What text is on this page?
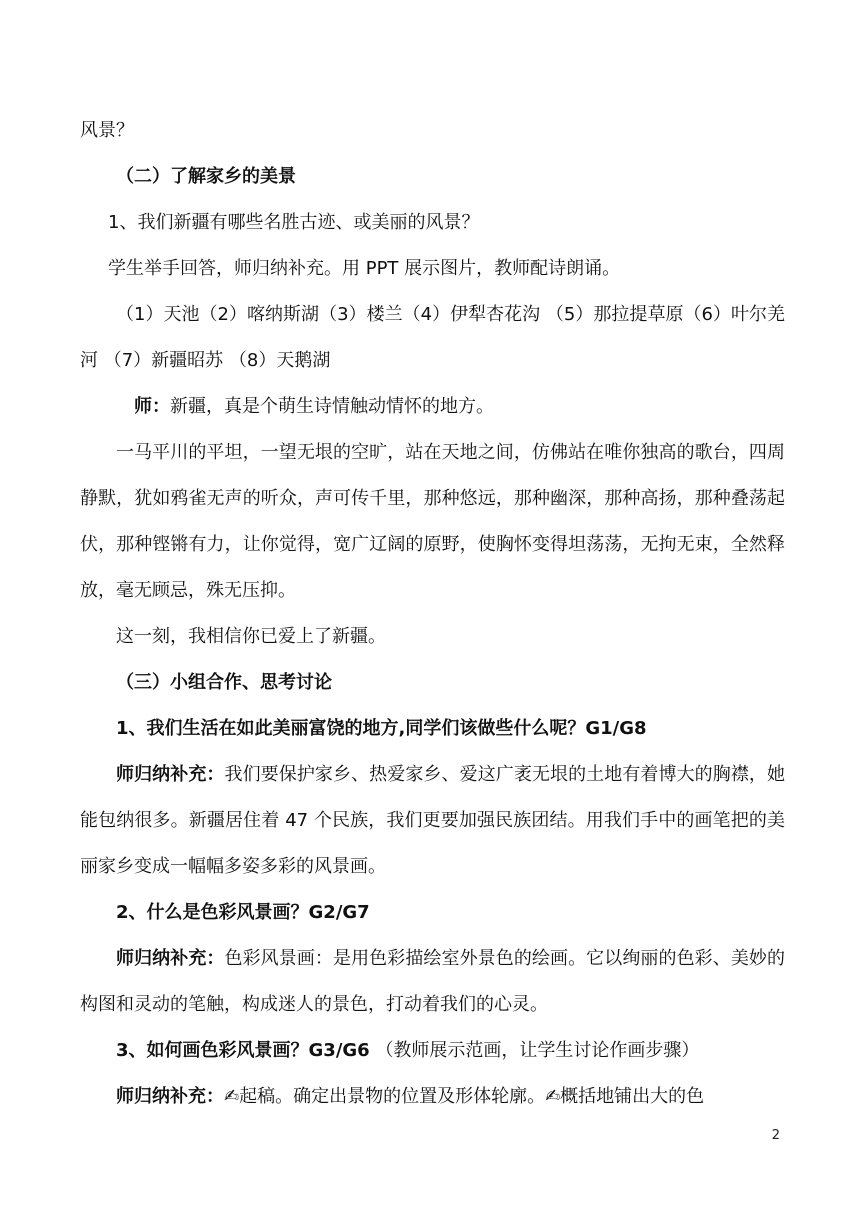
风景？

（二）了解家乡的美景

1、我们新疆有哪些名胜古迹、或美丽的风景？

学生举手回答，师归纳补充。用 PPT 展示图片，教师配诗朗诵。

（1）天池（2）喀纳斯湖（3）楼兰（4）伊犁杏花沟 （5）那拉提草原（6）叶尔羌河 （7）新疆昭苏 （8）天鹅湖

师：新疆，真是个萌生诗情触动情怀的地方。

一马平川的平坦，一望无垠的空旷，站在天地之间，仿佛站在唯你独高的歌台，四周静默，犹如鸦雀无声的听众，声可传千里，那种悠远，那种幽深，那种高扬，那种叠荡起伏，那种铿锵有力，让你觉得，宽广辽阔的原野，使胸怀变得坦荡荡，无拘无束，全然释放，毫无顾忌，殊无压抑。

这一刻，我相信你已爱上了新疆。

（三）小组合作、思考讨论

1、我们生活在如此美丽富饶的地方,同学们该做些什么呢？G1/G8

师归纳补充：我们要保护家乡、热爱家乡、爱这广袤无垠的土地有着博大的胸襟，她能包纳很多。新疆居住着 47 个民族，我们更要加强民族团结。用我们手中的画笔把的美丽家乡变成一幅幅多姿多彩的风景画。

2、什么是色彩风景画？G2/G7

师归纳补充：色彩风景画：是用色彩描绘室外景色的绘画。它以绚丽的色彩、美妙的构图和灵动的笔触，构成迷人的景色，打动着我们的心灵。

3、如何画色彩风景画？G3/G6 （教师展示范画，让学生讨论作画步骤）

师归纳补充：✍起稿。确定出景物的位置及形体轮廓。✍概括地铺出大的色

2
